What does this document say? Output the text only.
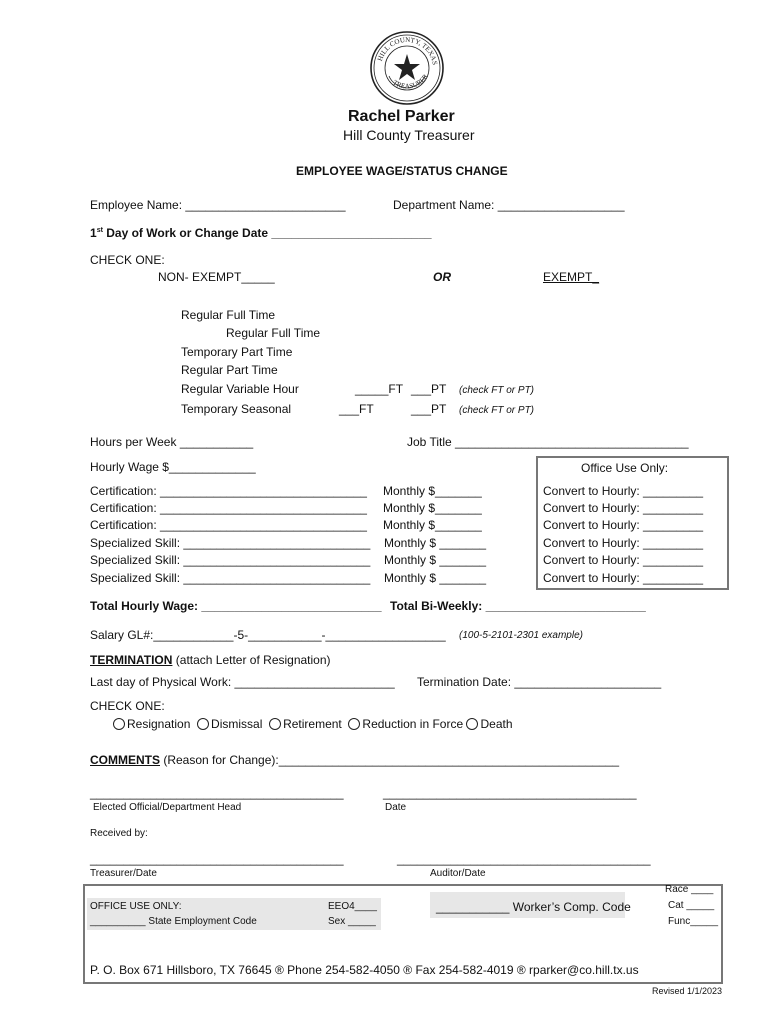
HILL COUNTY, TEXAS
TREASURER
Rachel Parker
Hill County Treasurer
EMPLOYEE WAGE/STATUS CHANGE
Employee Name: ________________________	Department Name: ___________________
1st Day of Work or Change Date ________________________
CHECK ONE:
NON- EXEMPT_____	OR	EXEMPT_
Regular Full Time
Regular Full Time
Temporary Part Time
Regular Part Time
Regular Variable Hour	_____FT ___PT (check FT or PT)
Temporary Seasonal	___FT	___PT (check FT or PT)
Hours per Week ___________	Job Title ___________________________________
Hourly Wage $_____________
Certification: _______________________________ Monthly $_______
Certification: _______________________________ Monthly $_______
Certification: _______________________________ Monthly $_______
Specialized Skill: ____________________________ Monthly $ _______
Specialized Skill: ____________________________ Monthly $ _______
Specialized Skill: ____________________________ Monthly $ _______
Office Use Only:
Convert to Hourly: _________
Convert to Hourly: _________
Convert to Hourly: _________
Convert to Hourly: _________
Convert to Hourly: _________
Convert to Hourly: _________
Total Hourly Wage: ___________________________ Total Bi-Weekly: ________________________
Salary GL#:____________-5-___________-__________________ (100-5-2101-2301 example)
TERMINATION (attach Letter of Resignation)
Last day of Physical Work: ________________________ Termination Date: ______________________
CHECK ONE:
Resignation Dismissal Retirement Reduction in Force Death
COMMENTS (Reason for Change):___________________________________________________
______________________________________	______________________________________
Elected Official/Department Head	Date
Received by:
______________________________________	______________________________________
Treasurer/Date	Auditor/Date
OFFICE USE ONLY:
__________ State Employment Code
EEO4____
Sex _____
___________ Worker’s Comp. Code
Race ____
Cat _____
Func_____
P. O. Box 671 Hillsboro, TX 76645 ® Phone 254-582-4050 ® Fax 254-582-4019 ® rparker@co.hill.tx.us
Revised 1/1/2023
